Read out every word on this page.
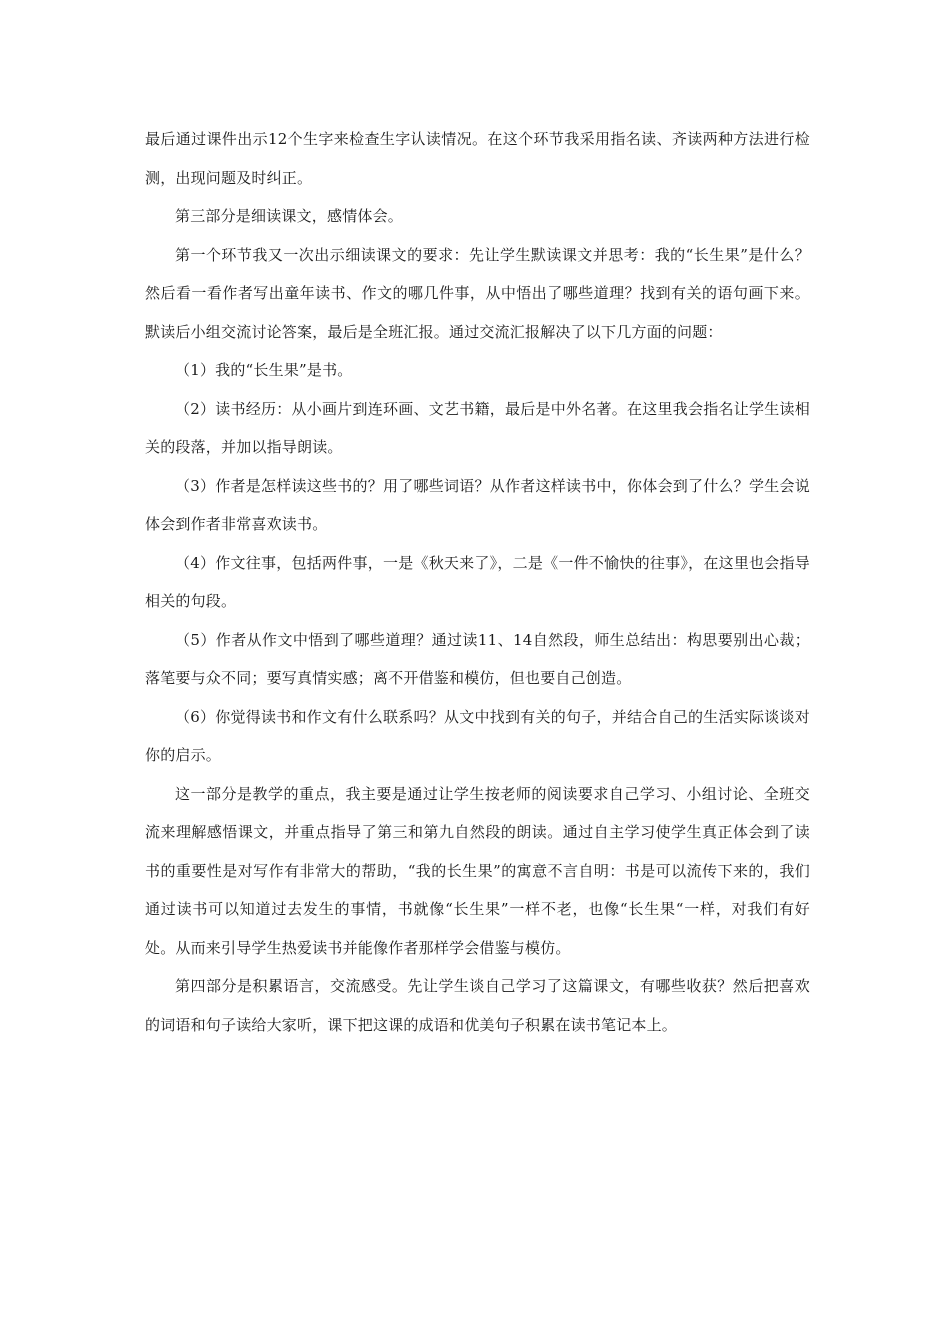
最后通过课件出示12个生字来检查生字认读情况。在这个环节我采用指名读、齐读两种方法进行检测，出现问题及时纠正。

第三部分是细读课文，感情体会。

第一个环节我又一次出示细读课文的要求：先让学生默读课文并思考：我的“长生果”是什么？然后看一看作者写出童年读书、作文的哪几件事，从中悟出了哪些道理？找到有关的语句画下来。默读后小组交流讨论答案，最后是全班汇报。通过交流汇报解决了以下几方面的问题：

（1）我的“长生果”是书。

（2）读书经历：从小画片到连环画、文艺书籍，最后是中外名著。在这里我会指名让学生读相关的段落，并加以指导朗读。

（3）作者是怎样读这些书的？用了哪些词语？从作者这样读书中，你体会到了什么？学生会说体会到作者非常喜欢读书。

（4）作文往事，包括两件事，一是《秋天来了》，二是《一件不愉快的往事》，在这里也会指导相关的句段。

（5）作者从作文中悟到了哪些道理？通过读11、14自然段，师生总结出：构思要别出心裁；落笔要与众不同；要写真情实感；离不开借鉴和模仿，但也要自己创造。

（6）你觉得读书和作文有什么联系吗？从文中找到有关的句子，并结合自己的生活实际谈谈对你的启示。

这一部分是教学的重点，我主要是通过让学生按老师的阅读要求自己学习、小组讨论、全班交流来理解感悟课文，并重点指导了第三和第九自然段的朗读。通过自主学习使学生真正体会到了读书的重要性是对写作有非常大的帮助，“我的长生果”的寓意不言自明：书是可以流传下来的，我们通过读书可以知道过去发生的事情，书就像“长生果”一样不老，也像“长生果“一样，对我们有好处。从而来引导学生热爱读书并能像作者那样学会借鉴与模仿。

第四部分是积累语言，交流感受。先让学生谈自己学习了这篇课文，有哪些收获？然后把喜欢的词语和句子读给大家听，课下把这课的成语和优美句子积累在读书笔记本上。
